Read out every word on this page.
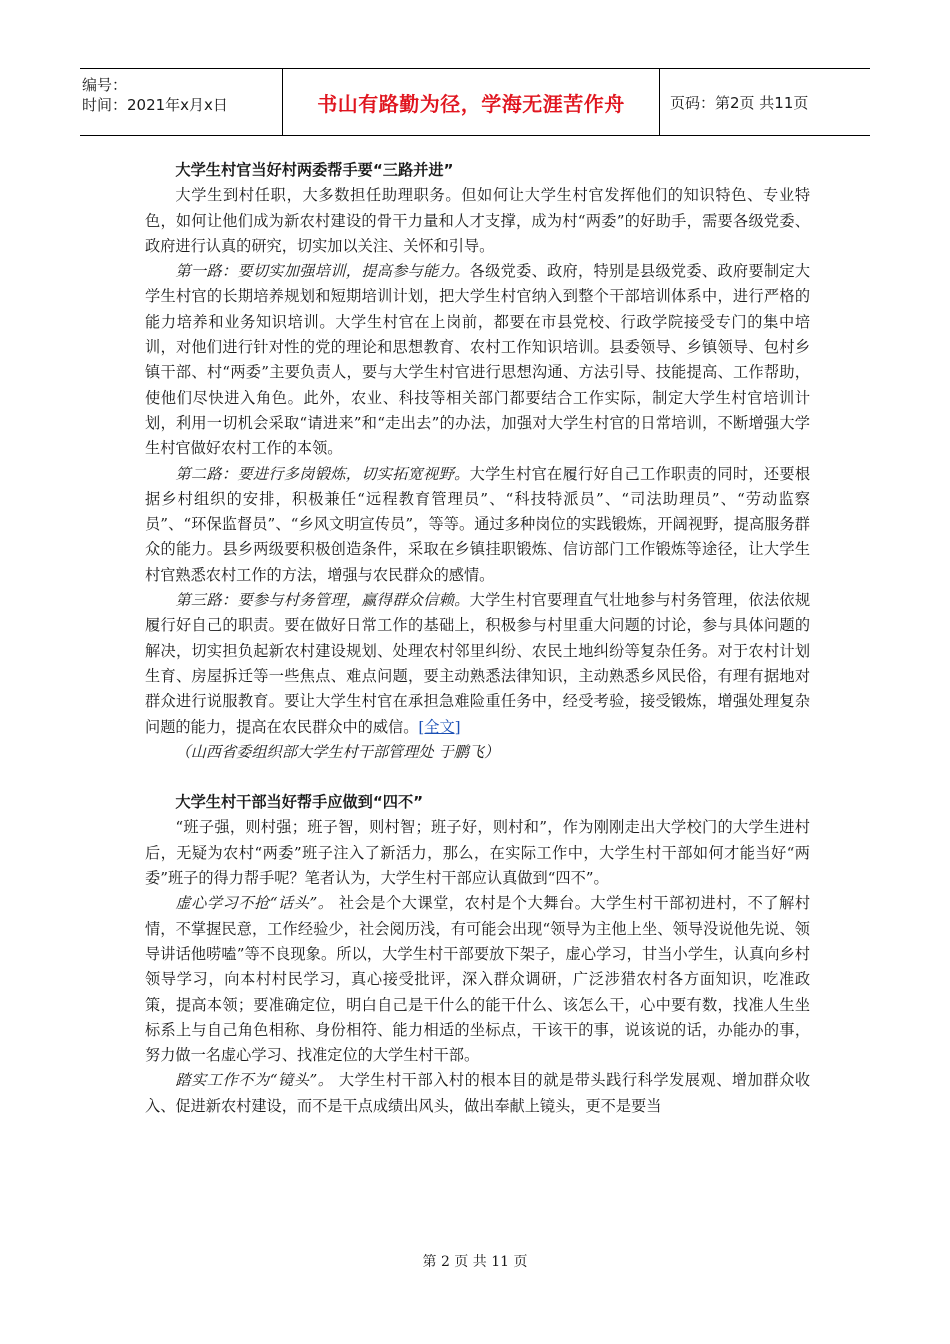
编号：
时间：2021年x月x日	书山有路勤为径，学海无涯苦作舟	页码：第2页 共11页
大学生村官当好村两委帮手要“三路并进”

大学生到村任职，大多数担任助理职务。但如何让大学生村官发挥他们的知识特色、专业特色，如何让他们成为新农村建设的骨干力量和人才支撑，成为村“两委”的好助手，需要各级党委、政府进行认真的研究，切实加以关注、关怀和引导。

第一路：要切实加强培训，提高参与能力。各级党委、政府，特别是县级党委、政府要制定大学生村官的长期培养规划和短期培训计划，把大学生村官纳入到整个干部培训体系中，进行严格的能力培养和业务知识培训。大学生村官在上岗前，都要在市县党校、行政学院接受专门的集中培训，对他们进行针对性的党的理论和思想教育、农村工作知识培训。县委领导、乡镇领导、包村乡镇干部、村“两委”主要负责人，要与大学生村官进行思想沟通、方法引导、技能提高、工作帮助，使他们尽快进入角色。此外，农业、科技等相关部门都要结合工作实际，制定大学生村官培训计划，利用一切机会采取“请进来”和“走出去”的办法，加强对大学生村官的日常培训，不断增强大学生村官做好农村工作的本领。

第二路：要进行多岗锻炼，切实拓宽视野。大学生村官在履行好自己工作职责的同时，还要根据乡村组织的安排，积极兼任“远程教育管理员”、“科技特派员”、“司法助理员”、“劳动监察员”、“环保监督员”、“乡风文明宣传员”，等等。通过多种岗位的实践锻炼，开阔视野，提高服务群众的能力。县乡两级要积极创造条件，采取在乡镇挂职锻炼、信访部门工作锻炼等途径，让大学生村官熟悉农村工作的方法，增强与农民群众的感情。

第三路：要参与村务管理，赢得群众信赖。大学生村官要理直气壮地参与村务管理，依法依规履行好自己的职责。要在做好日常工作的基础上，积极参与村里重大问题的讨论，参与具体问题的解决，切实担负起新农村建设规划、处理农村邻里纠纷、农民土地纠纷等复杂任务。对于农村计划生育、房屋拆迁等一些焦点、难点问题，要主动熟悉法律知识，主动熟悉乡风民俗，有理有据地对群众进行说服教育。要让大学生村官在承担急难险重任务中，经受考验，接受锻炼，增强处理复杂问题的能力，提高在农民群众中的威信。[全文]

（山西省委组织部大学生村干部管理处 于鹏飞）

大学生村干部当好帮手应做到“四不”

“班子强，则村强；班子智，则村智；班子好，则村和”，作为刚刚走出大学校门的大学生进村后，无疑为农村“两委”班子注入了新活力，那么，在实际工作中，大学生村干部如何才能当好“两委”班子的得力帮手呢？笔者认为，大学生村干部应认真做到“四不”。

虚心学习不抢“话头”。 社会是个大课堂，农村是个大舞台。大学生村干部初进村，不了解村情，不掌握民意，工作经验少，社会阅历浅，有可能会出现“领导为主他上坐、领导没说他先说、领导讲话他唠嗑”等不良现象。所以，大学生村干部要放下架子，虚心学习，甘当小学生，认真向乡村领导学习，向本村村民学习，真心接受批评，深入群众调研，广泛涉猎农村各方面知识，吃准政策，提高本领；要准确定位，明白自己是干什么的能干什么、该怎么干，心中要有数，找准人生坐标系上与自己角色相称、身份相符、能力相适的坐标点，干该干的事，说该说的话，办能办的事，努力做一名虚心学习、找准定位的大学生村干部。

踏实工作不为“镜头”。 大学生村干部入村的根本目的就是带头践行科学发展观、增加群众收入、促进新农村建设，而不是干点成绩出风头，做出奉献上镜头，更不是要当

第 2 页 共 11 页
